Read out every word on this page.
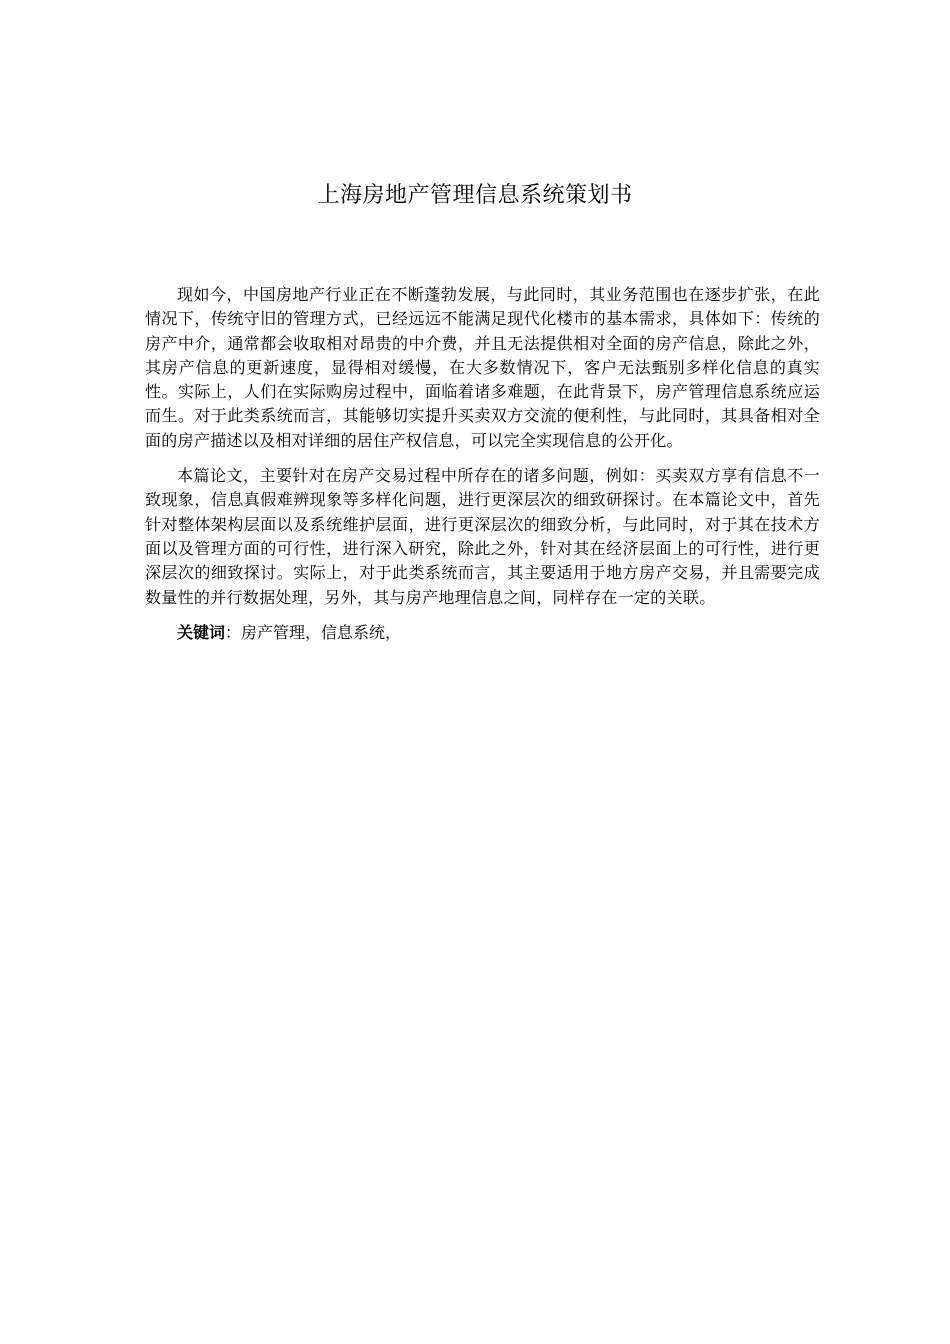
上海房地产管理信息系统策划书

现如今，中国房地产行业正在不断蓬勃发展，与此同时，其业务范围也在逐步扩张，在此情况下，传统守旧的管理方式，已经远远不能满足现代化楼市的基本需求，具体如下：传统的房产中介，通常都会收取相对昂贵的中介费，并且无法提供相对全面的房产信息，除此之外，其房产信息的更新速度，显得相对缓慢，在大多数情况下，客户无法甄别多样化信息的真实性。实际上，人们在实际购房过程中，面临着诸多难题，在此背景下，房产管理信息系统应运而生。对于此类系统而言，其能够切实提升买卖双方交流的便利性，与此同时，其具备相对全面的房产描述以及相对详细的居住产权信息，可以完全实现信息的公开化。

本篇论文，主要针对在房产交易过程中所存在的诸多问题，例如：买卖双方享有信息不一致现象，信息真假难辨现象等多样化问题，进行更深层次的细致研探讨。在本篇论文中，首先针对整体架构层面以及系统维护层面，进行更深层次的细致分析，与此同时，对于其在技术方面以及管理方面的可行性，进行深入研究，除此之外，针对其在经济层面上的可行性，进行更深层次的细致探讨。实际上，对于此类系统而言，其主要适用于地方房产交易，并且需要完成数量性的并行数据处理，另外，其与房产地理信息之间，同样存在一定的关联。

关键词：房产管理，信息系统，
